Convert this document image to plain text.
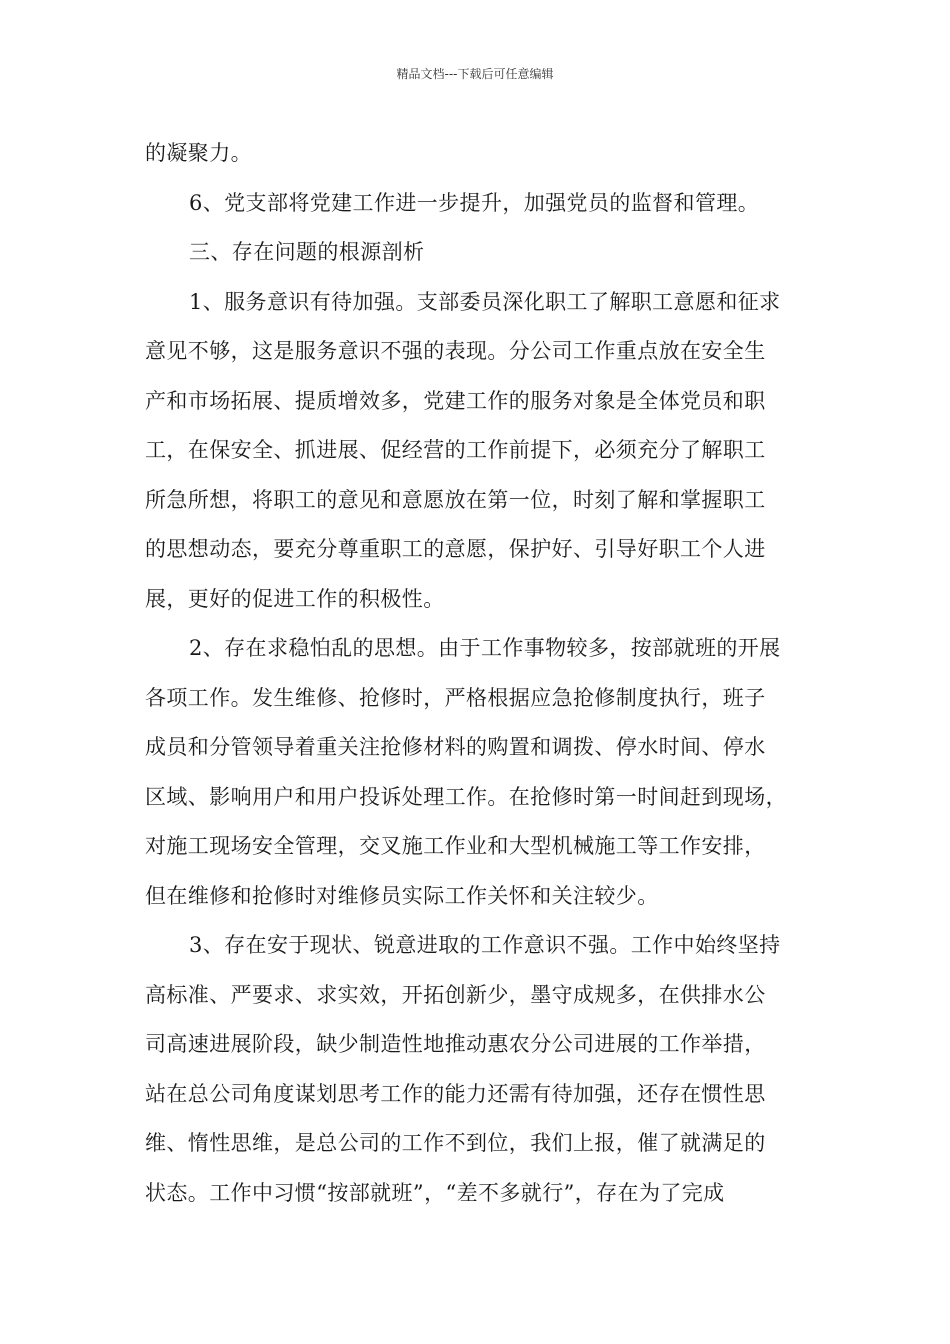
精品文档---下载后可任意编辑
的凝聚力。
6、党支部将党建工作进一步提升，加强党员的监督和管理。
三、存在问题的根源剖析
1、服务意识有待加强。支部委员深化职工了解职工意愿和征求
意见不够，这是服务意识不强的表现。分公司工作重点放在安全生
产和市场拓展、提质增效多，党建工作的服务对象是全体党员和职
工，在保安全、抓进展、促经营的工作前提下，必须充分了解职工
所急所想，将职工的意见和意愿放在第一位，时刻了解和掌握职工
的思想动态，要充分尊重职工的意愿，保护好、引导好职工个人进
展，更好的促进工作的积极性。
2、存在求稳怕乱的思想。由于工作事物较多，按部就班的开展
各项工作。发生维修、抢修时，严格根据应急抢修制度执行，班子
成员和分管领导着重关注抢修材料的购置和调拨、停水时间、停水
区域、影响用户和用户投诉处理工作。在抢修时第一时间赶到现场，
对施工现场安全管理，交叉施工作业和大型机械施工等工作安排，
但在维修和抢修时对维修员实际工作关怀和关注较少。
3、存在安于现状、锐意进取的工作意识不强。工作中始终坚持
高标准、严要求、求实效，开拓创新少，墨守成规多，在供排水公
司高速进展阶段，缺少制造性地推动惠农分公司进展的工作举措，
站在总公司角度谋划思考工作的能力还需有待加强，还存在惯性思
维、惰性思维，是总公司的工作不到位，我们上报，催了就满足的
状态。工作中习惯“按部就班”，“差不多就行”，存在为了完成
